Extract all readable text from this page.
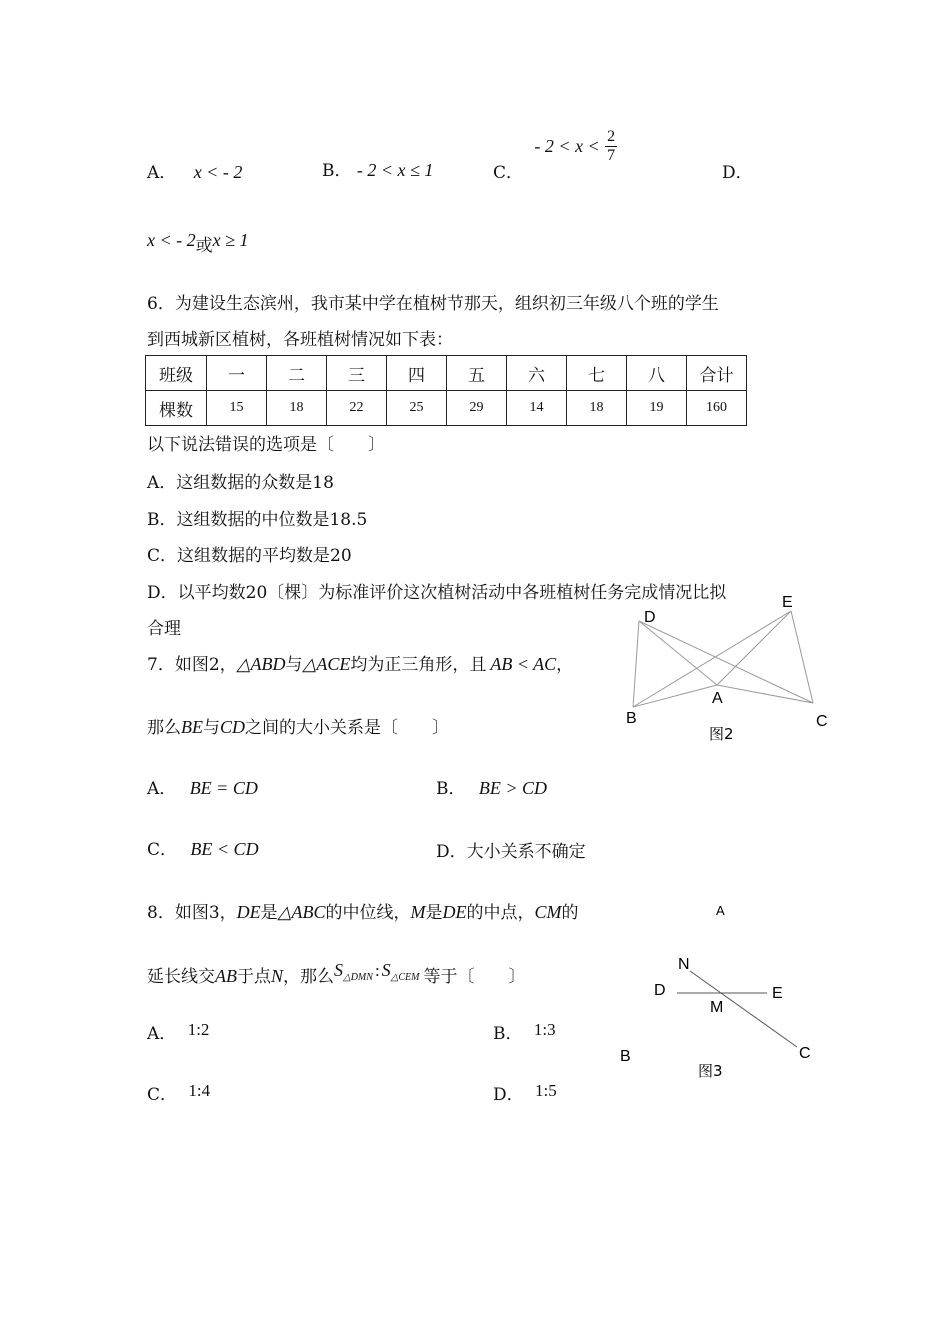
A． x < - 2	B． - 2 < x ≤ 1	C． - $2 < x < \frac{2}{7}$
D．
x < - 2或x ≥ 1
6．为建设生态滨州，我市某中学在植树节那天，组织初三年级八个班的学生
到西城新区植树，各班植树情况如下表：
班级	一	二	三	四	五	六	七	八	合计
棵数	15	18	22	25	29	14	18	19	160
以下说法错误的选项是〔　　〕
A．这组数据的众数是18
B．这组数据的中位数是18.5
C．这组数据的平均数是20
D．以平均数20〔棵〕为标准评价这次植树活动中各班植树任务完成情况比拟
合理
7．如图2，△ABD与△ACE均为正三角形，且 AB < AC，
那么BE与CD之间的大小关系是〔　　〕
A． BE = CD	B． BE > CD
C． BE < CD	D．大小关系不确定
D
E
A
B	C
图2
8．如图3，DE是△ABC的中位线，M是DE的中点，CM的
延长线交AB于点N，那么S△DMN : S△CEM 等于〔　　〕
A． 1:2	B． 1:3
C． 1:4	D． 1:5
A
N
D
M
E
B	C
图3
